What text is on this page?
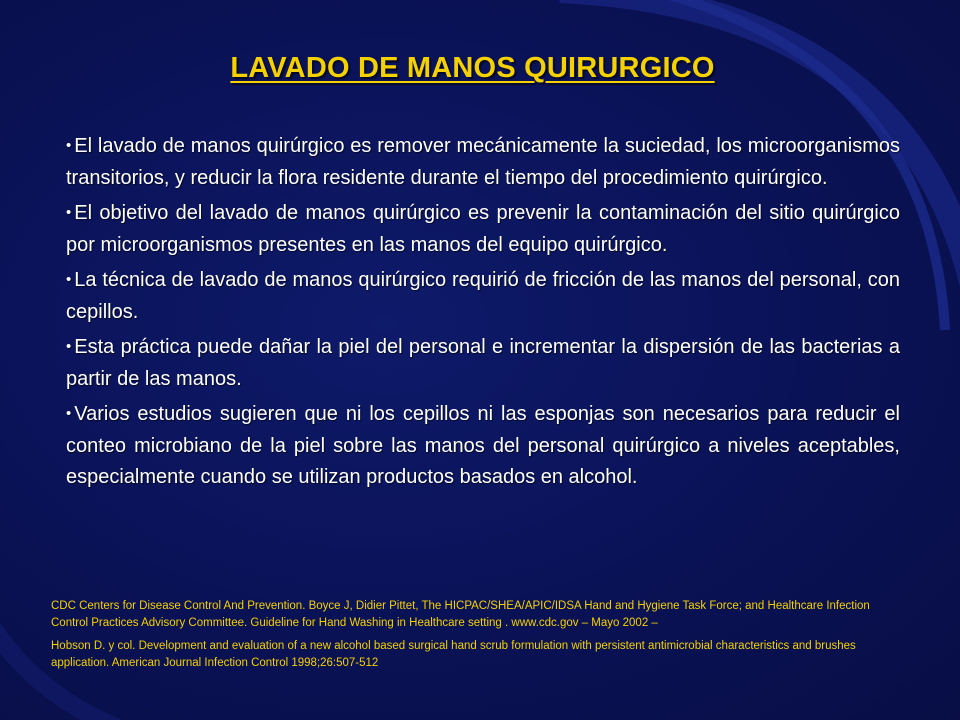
LAVADO DE MANOS QUIRURGICO
• El lavado de manos quirúrgico es remover mecánicamente la suciedad, los microorganismos transitorios, y reducir la flora residente durante el tiempo del procedimiento quirúrgico.
• El objetivo del lavado de manos quirúrgico es prevenir la contaminación del sitio quirúrgico por microorganismos presentes en las manos del equipo quirúrgico.
• La técnica de lavado de manos quirúrgico requirió de fricción de las manos del personal, con cepillos.
• Esta práctica puede dañar la piel del personal e incrementar la dispersión de las bacterias a partir de las manos.
• Varios estudios sugieren que ni los cepillos ni las esponjas son necesarios para reducir el conteo microbiano de la piel sobre las manos del personal quirúrgico a niveles aceptables, especialmente cuando se utilizan productos basados en alcohol.

CDC Centers for Disease Control And Prevention. Boyce J, Didier Pittet, The HICPAC/SHEA/APIC/IDSA Hand and Hygiene Task Force; and Healthcare Infection Control Practices Advisory Committee. Guideline for Hand Washing in Healthcare setting . www.cdc.gov – Mayo 2002 –

Hobson D. y col. Development and evaluation of a new alcohol based surgical hand scrub formulation with persistent antimicrobial characteristics and brushes application. American Journal Infection Control 1998;26:507-512
